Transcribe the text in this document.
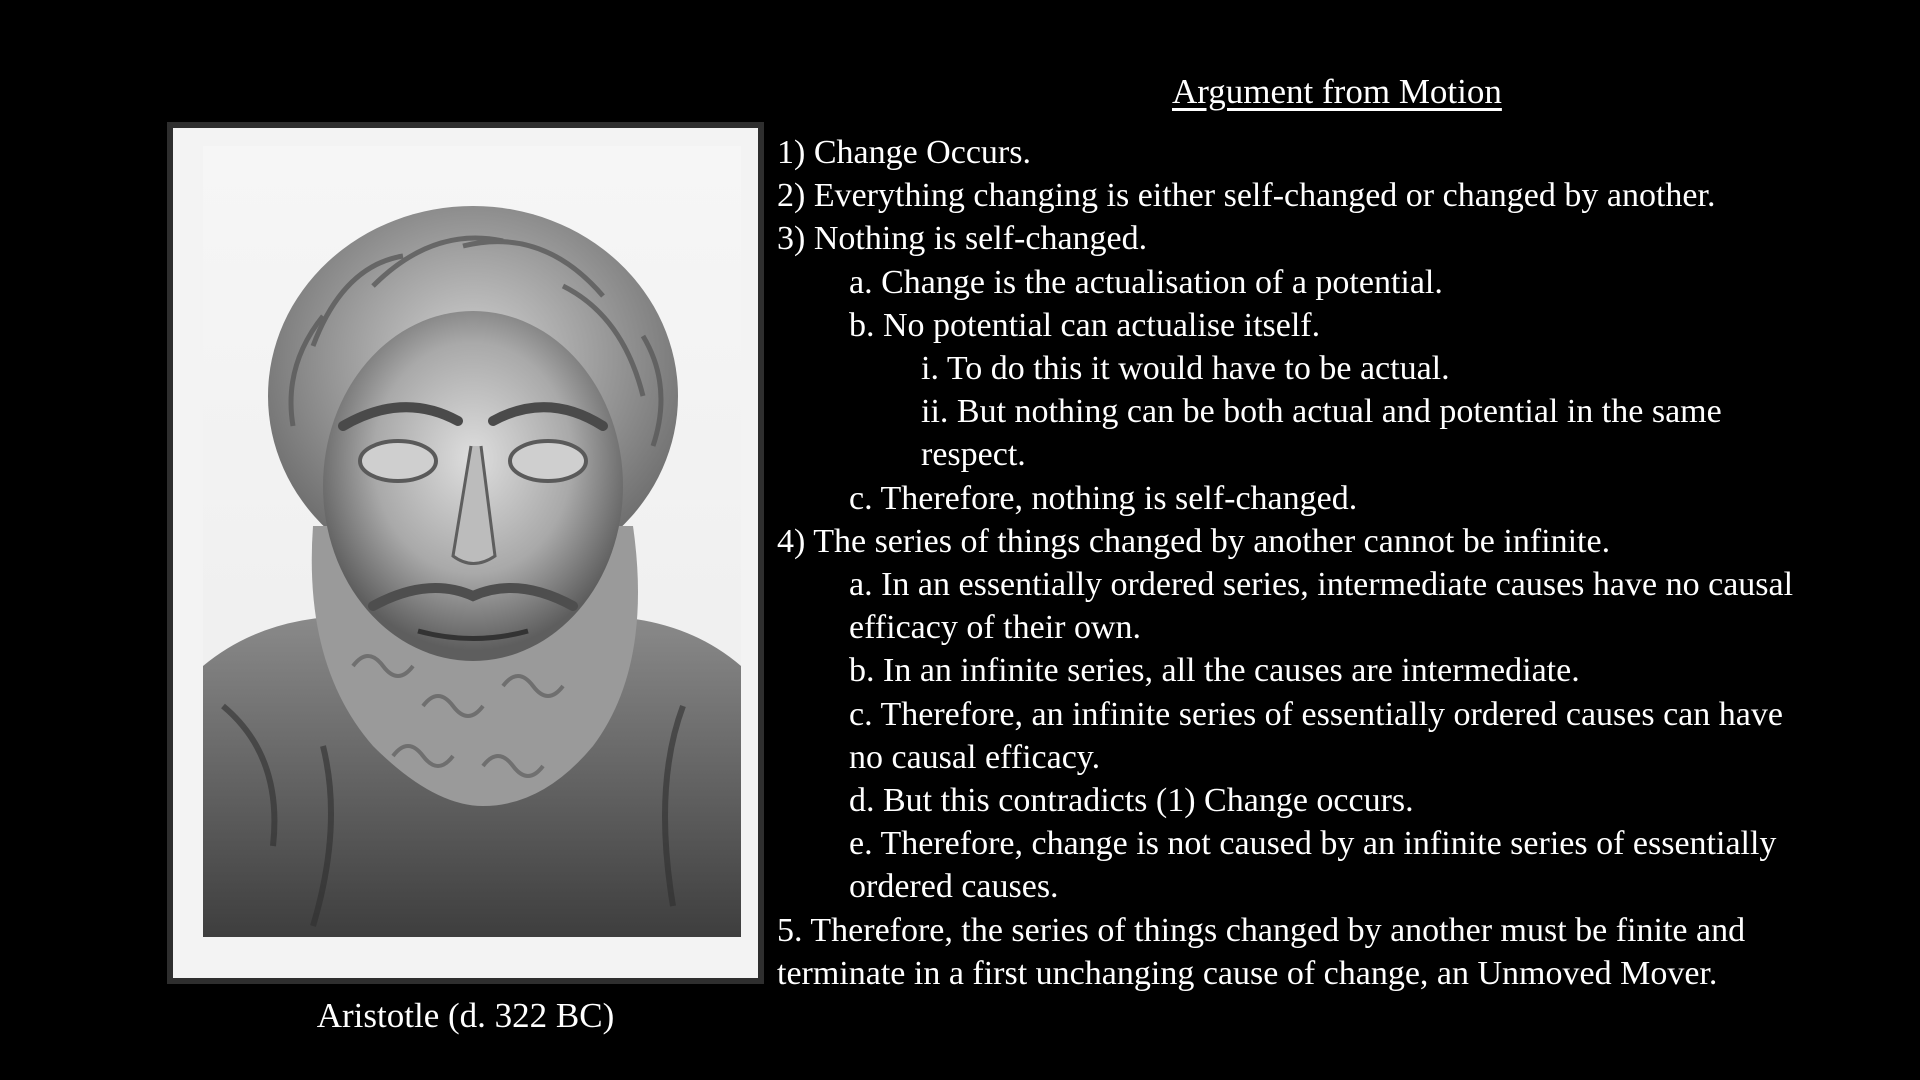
Aristotle (d. 322 BC)
Argument from Motion

1) Change Occurs.

2) Everything changing is either self-changed or changed by another.

3) Nothing is self-changed.

a. Change is the actualisation of a potential.

b. No potential can actualise itself.

i. To do this it would have to be actual.

ii. But nothing can be both actual and potential in the same

respect.

c. Therefore, nothing is self-changed.

4) The series of things changed by another cannot be infinite.

a. In an essentially ordered series, intermediate causes have no causal

efficacy of their own.

b. In an infinite series, all the causes are intermediate.

c. Therefore, an infinite series of essentially ordered causes can have

no causal efficacy.

d. But this contradicts (1) Change occurs.

e. Therefore, change is not caused by an infinite series of essentially

ordered causes.

5. Therefore, the series of things changed by another must be finite and

terminate in a first unchanging cause of change, an Unmoved Mover.
